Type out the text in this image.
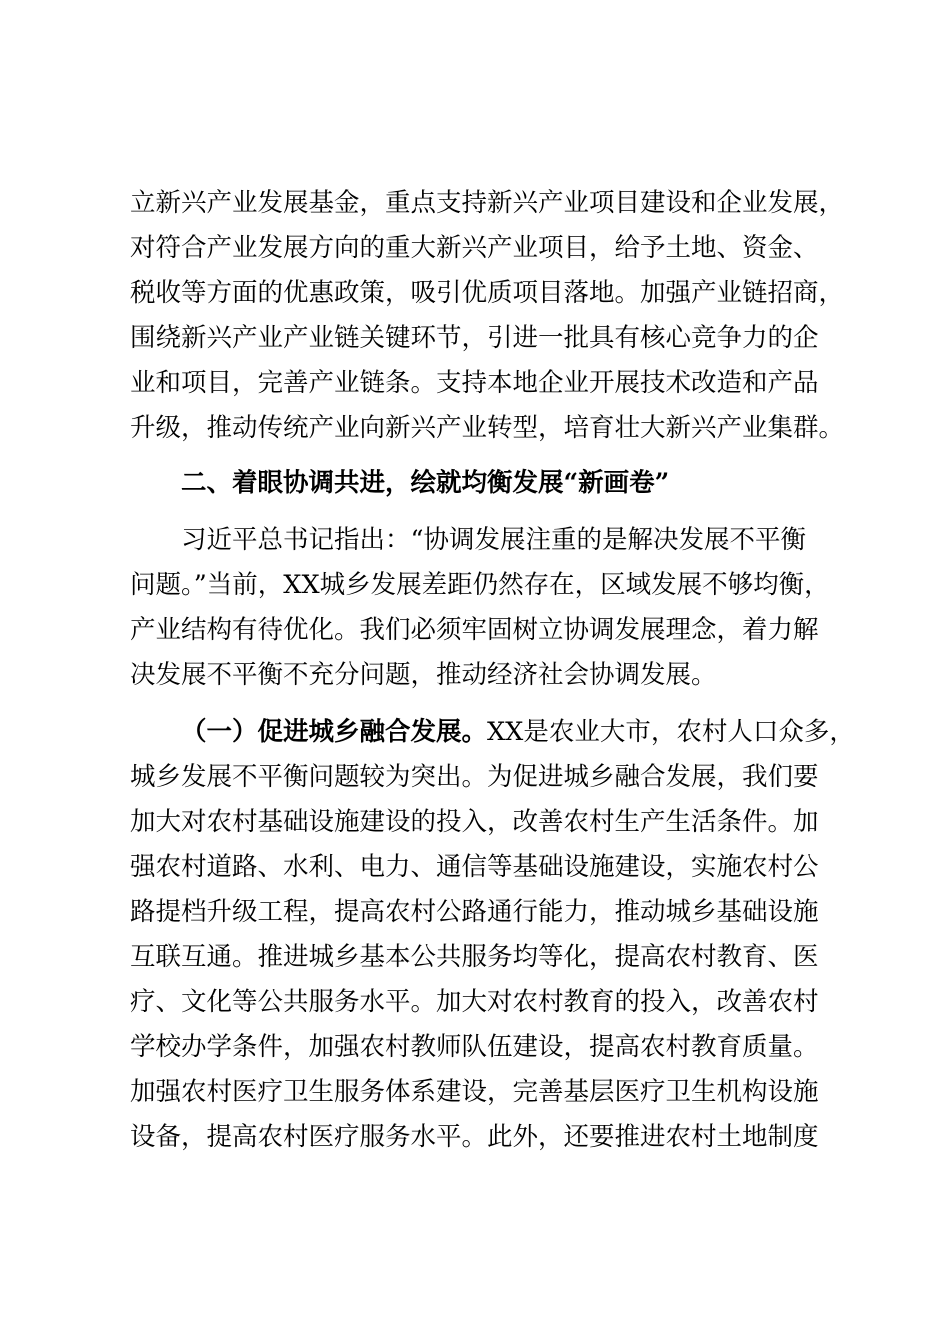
立新兴产业发展基金，重点支持新兴产业项目建设和企业发展，
对符合产业发展方向的重大新兴产业项目，给予土地、资金、
税收等方面的优惠政策，吸引优质项目落地。加强产业链招商，
围绕新兴产业产业链关键环节，引进一批具有核心竞争力的企
业和项目，完善产业链条。支持本地企业开展技术改造和产品
升级，推动传统产业向新兴产业转型，培育壮大新兴产业集群。
二、着眼协调共进，绘就均衡发展“新画卷”
习近平总书记指出：“协调发展注重的是解决发展不平衡
问题。”当前，XX城乡发展差距仍然存在，区域发展不够均衡，
产业结构有待优化。我们必须牢固树立协调发展理念，着力解
决发展不平衡不充分问题，推动经济社会协调发展。
（一）促进城乡融合发展。XX是农业大市，农村人口众多，
城乡发展不平衡问题较为突出。为促进城乡融合发展，我们要
加大对农村基础设施建设的投入，改善农村生产生活条件。加
强农村道路、水利、电力、通信等基础设施建设，实施农村公
路提档升级工程，提高农村公路通行能力，推动城乡基础设施
互联互通。推进城乡基本公共服务均等化，提高农村教育、医
疗、文化等公共服务水平。加大对农村教育的投入，改善农村
学校办学条件，加强农村教师队伍建设，提高农村教育质量。
加强农村医疗卫生服务体系建设，完善基层医疗卫生机构设施
设备，提高农村医疗服务水平。此外，还要推进农村土地制度
